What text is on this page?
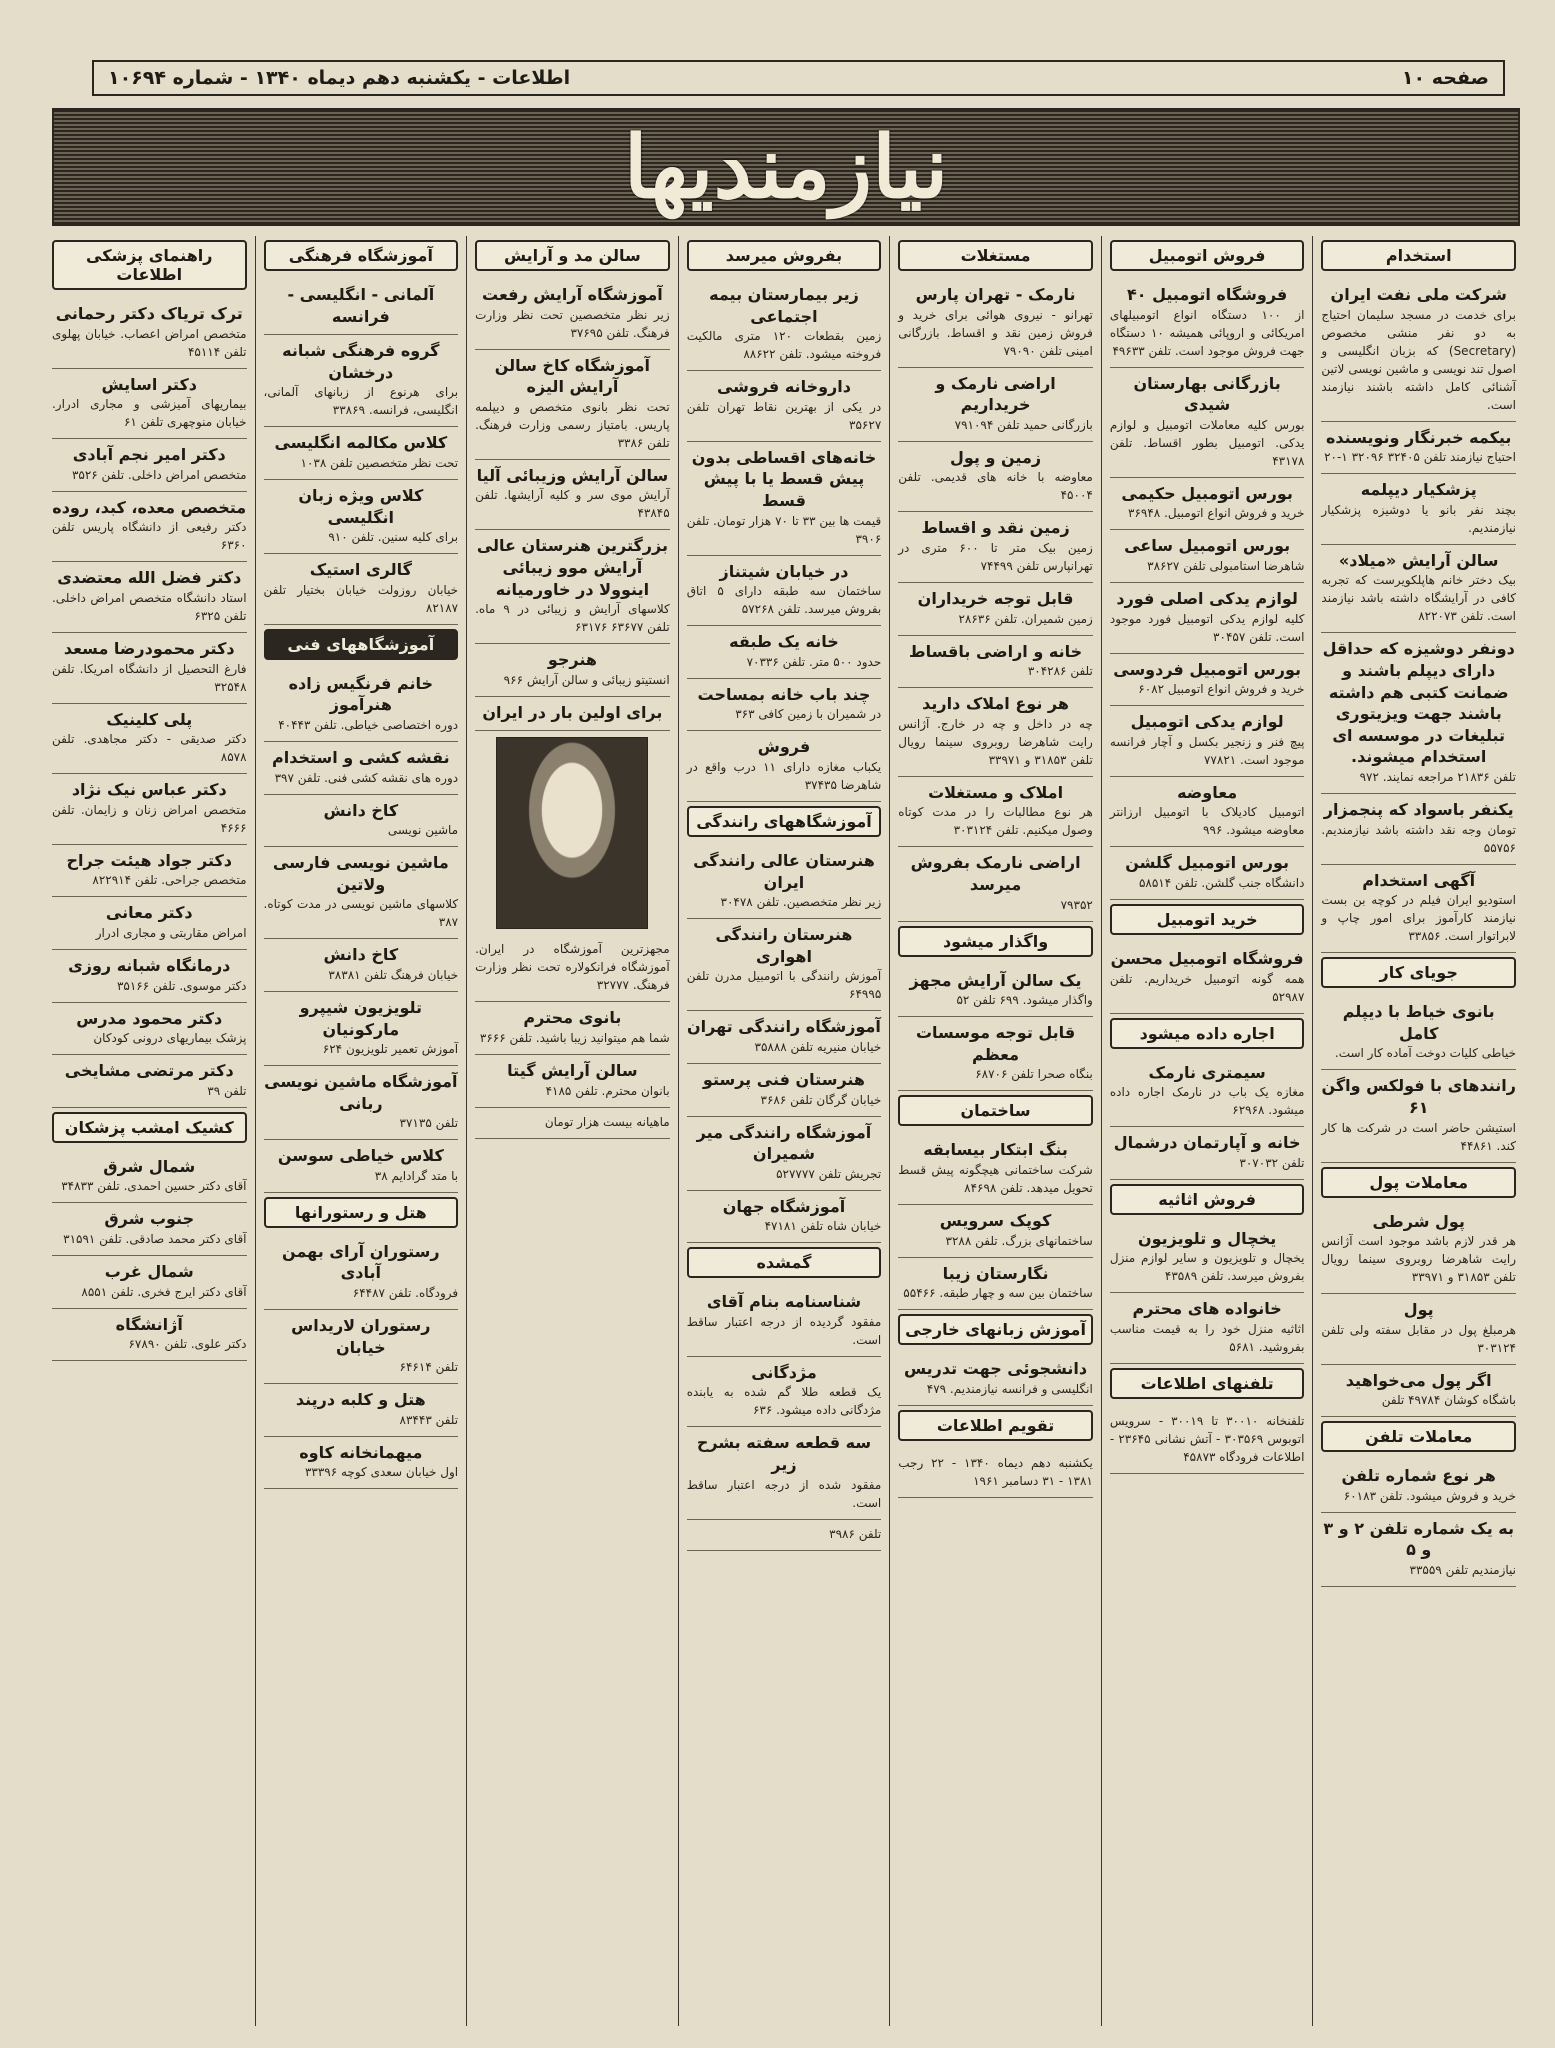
صفحه ۱۰
اطلاعات - یکشنبه دهم دیماه ۱۳۴۰ - شماره ۱۰۶۹۴
نیازمندیها
استخدام
شرکت ملی نفت ایران
برای خدمت در مسجد سلیمان احتیاج به دو نفر منشی مخصوص (Secretary) که بزبان انگلیسی و اصول تند نویسی و ماشین نویسی لاتین آشنائی کامل داشته باشند نیازمند است.
بیکمه خبرنگار ونویسنده
احتیاج نیازمند تلفن ۳۲۴۰۵ ۳۲۰۹۶ ۱-۲۰
پزشکیار دیپلمه
بچند نفر بانو یا دوشیزه پزشکیار نیازمندیم.
سالن آرایش «میلاد»
بیک دختر خانم هاپلکویرست که تجربه کافی در آرایشگاه داشته باشد نیازمند است. تلفن ۸۲۲۰۷۳
دونفر دوشیزه که حداقل دارای دیپلم باشند و ضمانت کتبی هم داشته باشند جهت ویزیتوری تبلیغات در موسسه ای استخدام میشوند.
تلفن ۲۱۸۳۶ مراجعه نمایند. ۹۷۲
یکنفر باسواد که پنجمزار
تومان وجه نقد داشته باشد نیازمندیم. ۵۵۷۵۶
آگهی استخدام
استودیو ایران فیلم در کوچه بن بست نیازمند کارآموز برای امور چاپ و لابراتوار است. ۳۳۸۵۶
جویای کار
بانوی خیاط با دیپلم کامل
خیاطی کلیات دوخت آماده کار است.
رانندهای با فولکس واگن ۶۱
استیشن حاضر است در شرکت ها کار کند. ۴۴۸۶۱
معاملات پول
پول شرطی
هر قدر لازم باشد موجود است آژانس رایت شاهرضا روبروی سینما رویال تلفن ۳۱۸۵۳ و ۳۳۹۷۱
پول
هرمبلغ پول در مقابل سفته ولی تلفن ۳۰۳۱۲۴
اگر پول می‌خواهید
باشگاه کوشان ۴۹۷۸۴ تلفن
معاملات تلفن
هر نوع شماره تلفن
خرید و فروش میشود. تلفن ۶۰۱۸۳
به یک شماره تلفن ۲ و ۳ و ۵
نیازمندیم تلفن ۳۳۵۵۹
فروش اتومبیل
فروشگاه اتومبیل ۴۰
از ۱۰۰ دستگاه انواع اتومبیلهای امریکائی و اروپائی همیشه ۱۰ دستگاه جهت فروش موجود است. تلفن ۴۹۶۳۳
بازرگانی بهارستان شیدی
بورس کلیه معاملات اتومبیل و لوازم یدکی. اتومبیل بطور اقساط. تلفن ۴۳۱۷۸
بورس اتومبیل حکیمی
خرید و فروش انواع اتومبیل. ۳۶۹۴۸
بورس اتومبیل ساعی
شاهرضا استامبولی تلفن ۳۸۶۲۷
لوازم یدکی اصلی فورد
کلیه لوازم یدکی اتومبیل فورد موجود است. تلفن ۳۰۴۵۷
بورس اتومبیل فردوسی
خرید و فروش انواع اتومبیل ۶۰۸۲
لوازم یدکی اتومبیل
پیچ فنر و زنجیر بکسل و آچار فرانسه موجود است. ۷۷۸۲۱
معاوضه
اتومبیل کادیلاک با اتومبیل ارزانتر معاوضه میشود. ۹۹۶
بورس اتومبیل گلشن
دانشگاه جنب گلشن. تلفن ۵۸۵۱۴
خرید اتومبیل
فروشگاه اتومبیل محسن
همه گونه اتومبیل خریداریم. تلفن ۵۲۹۸۷
اجاره داده میشود
سیمتری نارمک
مغازه یک باب در نارمک اجاره داده میشود. ۶۲۹۶۸
خانه و آپارتمان درشمال
تلفن ۳۰۷۰۳۲
فروش اثاثیه
یخچال و تلویزیون
یخچال و تلویزیون و سایر لوازم منزل بفروش میرسد. تلفن ۴۳۵۸۹
خانواده های محترم
اثاثیه منزل خود را به قیمت مناسب بفروشید. ۵۶۸۱
تلفنهای اطلاعات
تلفنخانه ۳۰۰۱۰ تا ۳۰۰۱۹ - سرویس اتوبوس ۳۰۳۵۶۹ - آتش نشانی ۲۳۶۴۵ - اطلاعات فرودگاه ۴۵۸۷۳
مستغلات
نارمک - تهران پارس
تهرانو - نیروی هوائی برای خرید و فروش زمین نقد و اقساط. بازرگانی امینی تلفن ۷۹۰۹۰
اراضی نارمک و خریداریم
بازرگانی حمید تلفن ۷۹۱۰۹۴
زمین و پول
معاوضه با خانه های قدیمی. تلفن ۴۵۰۰۴
زمین نقد و اقساط
زمین بیک متر تا ۶۰۰ متری در تهرانپارس تلفن ۷۴۴۹۹
قابل توجه خریداران
زمین شمیران. تلفن ۲۸۶۳۶
خانه و اراضی باقساط
تلفن ۳۰۴۲۸۶
هر نوع املاک دارید
چه در داخل و چه در خارج. آژانس رایت شاهرضا روبروی سینما رویال تلفن ۳۱۸۵۳ و ۳۳۹۷۱
املاک و مستغلات
هر نوع مطالبات را در مدت کوتاه وصول میکنیم. تلفن ۳۰۳۱۲۴
اراضی نارمک بفروش میرسد
۷۹۳۵۲
واگذار میشود
یک سالن آرایش مجهز
واگذار میشود. ۶۹۹ تلفن ۵۲
قابل توجه موسسات معظم
بنگاه صحرا تلفن ۶۸۷۰۶
ساختمان
بنگ ابتکار بیسابقه
شرکت ساختمانی هیچگونه پیش قسط تحویل میدهد. تلفن ۸۴۶۹۸
کوپک سرویس
ساختمانهای بزرگ. تلفن ۳۲۸۸
نگارستان زیبا
ساختمان بین سه و چهار طبقه. ۵۵۴۶۶
آموزش زبانهای خارجی
دانشجوئی جهت تدریس
انگلیسی و فرانسه نیازمندیم. ۴۷۹
تقویم اطلاعات
یکشنبه دهم دیماه ۱۳۴۰ - ۲۲ رجب ۱۳۸۱ - ۳۱ دسامبر ۱۹۶۱
بفروش میرسد
زیر بیمارستان بیمه اجتماعی
زمین بقطعات ۱۲۰ متری مالکیت فروخته میشود. تلفن ۸۸۶۲۲
داروخانه فروشی
در یکی از بهترین نقاط تهران تلفن ۳۵۶۲۷
خانه‌های اقساطی بدون پیش قسط یا با پیش قسط
قیمت ها بین ۳۳ تا ۷۰ هزار تومان. تلفن ۳۹۰۶
در خیابان شیتناز
ساختمان سه طبقه دارای ۵ اتاق بفروش میرسد. تلفن ۵۷۲۶۸
خانه یک طبقه
حدود ۵۰۰ متر. تلفن ۷۰۳۳۶
چند باب خانه بمساحت
در شمیران با زمین کافی ۳۶۳
فروش
یکباب مغازه دارای ۱۱ درب واقع در شاهرضا ۳۷۴۳۵
آموزشگاههای رانندگی
هنرستان عالی رانندگی ایران
زیر نظر متخصصین. تلفن ۳۰۴۷۸
هنرستان رانندگی اهواری
آموزش رانندگی با اتومبیل مدرن تلفن ۶۴۹۹۵
آموزشگاه رانندگی تهران
خیابان منیریه تلفن ۳۵۸۸۸
هنرستان فنی پرستو
خیابان گرگان تلفن ۳۶۸۶
آموزشگاه رانندگی میر شمیران
تجریش تلفن ۵۲۷۷۷۷
آموزشگاه جهان
خیابان شاه تلفن ۴۷۱۸۱
گمشده
شناسنامه بنام آقای
مفقود گردیده از درجه اعتبار ساقط است.
مژدگانی
یک قطعه طلا گم شده به یابنده مژدگانی داده میشود. ۶۳۶
سه قطعه سفته بشرح زیر
مفقود شده از درجه اعتبار ساقط است.
تلفن ۳۹۸۶
سالن مد و آرایش
آموزشگاه آرایش رفعت
زیر نظر متخصصین تحت نظر وزارت فرهنگ. تلفن ۳۷۶۹۵
آموزشگاه کاخ سالن آرایش الیزه
تحت نظر بانوی متخصص و دیپلمه پاریس. بامتیاز رسمی وزارت فرهنگ. تلفن ۳۳۸۶
سالن آرایش وزیبائی آلیا
آرایش موی سر و کلیه آرایشها. تلفن ۴۳۸۴۵
بزرگترین هنرستان عالی آرایش موو زیبائی اینوولا در خاورمیانه
کلاسهای آرایش و زیبائی در ۹ ماه. تلفن ۶۳۶۷۷ ۶۳۱۷۶
هنرجو
انستیتو زیبائی و سالن آرایش ۹۶۶
برای اولین بار در ایران
مجهزترین آموزشگاه در ایران. آموزشگاه فرانکولاره تحت نظر وزارت فرهنگ. ۳۲۷۷۷
بانوی محترم
شما هم میتوانید زیبا باشید. تلفن ۳۶۶۶
سالن آرایش گیتا
بانوان محترم. تلفن ۴۱۸۵
ماهیانه بیست هزار تومان
آموزشگاه فرهنگی
آلمانی - انگلیسی - فرانسه
گروه فرهنگی شبانه درخشان
برای هرنوع از زبانهای آلمانی، انگلیسی، فرانسه. ۳۳۸۶۹
کلاس مکالمه انگلیسی
تحت نظر متخصصین تلفن ۱۰۳۸
کلاس ویژه زبان انگلیسی
برای کلیه سنین. تلفن ۹۱۰
گالری استیک
خیابان روزولت خیابان بختیار تلفن ۸۲۱۸۷
آموزشگاههای فنی
خانم فرنگیس زاده هنرآموز
دوره اختصاصی خیاطی. تلفن ۴۰۴۴۳
نقشه کشی و استخدام
دوره های نقشه کشی فنی. تلفن ۳۹۷
کاخ دانش
ماشین نویسی
ماشین نویسی فارسی ولاتین
کلاسهای ماشین نویسی در مدت کوتاه. ۳۸۷
کاخ دانش
خیابان فرهنگ تلفن ۳۸۳۸۱
تلویزیون شیپرو مارکونیان
آموزش تعمیر تلویزیون ۶۲۴
آموزشگاه ماشین نویسی ربانی
تلفن ۳۷۱۳۵
کلاس خیاطی سوسن
با متد گرادایم ۳۸
هتل و رستورانها
رستوران آرای بهمن آبادی
فرودگاه. تلفن ۶۴۴۸۷
رستوران لاریداس خیابان
تلفن ۶۴۶۱۴
هتل و کلبه درپند
تلفن ۸۳۴۴۳
میهمانخانه کاوه
اول خیابان سعدی کوچه ۳۳۳۹۶
راهنمای پزشکی اطلاعات
ترک تریاک دکتر رحمانی
متخصص امراض اعصاب. خیابان پهلوی تلفن ۴۵۱۱۴
دکتر اسایش
بیماریهای آمیزشی و مجاری ادرار. خیابان منوچهری تلفن ۶۱
دکتر امیر نجم آبادی
متخصص امراض داخلی. تلفن ۳۵۲۶
متخصص معده، کبد، روده
دکتر رفیعی از دانشگاه پاریس تلفن ۶۳۶۰
دکتر فضل الله معتضدی
استاد دانشگاه متخصص امراض داخلی. تلفن ۶۳۲۵
دکتر محمودرضا مسعد
فارغ التحصیل از دانشگاه امریکا. تلفن ۳۲۵۴۸
پلی کلینیک
دکتر صدیقی - دکتر مجاهدی. تلفن ۸۵۷۸
دکتر عباس نیک نژاد
متخصص امراض زنان و زایمان. تلفن ۴۶۶۶
دکتر جواد هیئت جراح
متخصص جراحی. تلفن ۸۲۲۹۱۴
دکتر معانی
امراض مقاربتی و مجاری ادرار
درمانگاه شبانه روزی
دکتر موسوی. تلفن ۳۵۱۶۶
دکتر محمود مدرس
پزشک بیماریهای درونی کودکان
دکتر مرتضی مشایخی
تلفن ۳۹
کشیک امشب پزشکان
شمال شرق
آقای دکتر حسین احمدی. تلفن ۳۴۸۳۳
جنوب شرق
آقای دکتر محمد صادقی. تلفن ۳۱۵۹۱
شمال غرب
آقای دکتر ایرج فخری. تلفن ۸۵۵۱
آژانشگاه
دکتر علوی. تلفن ۶۷۸۹۰
